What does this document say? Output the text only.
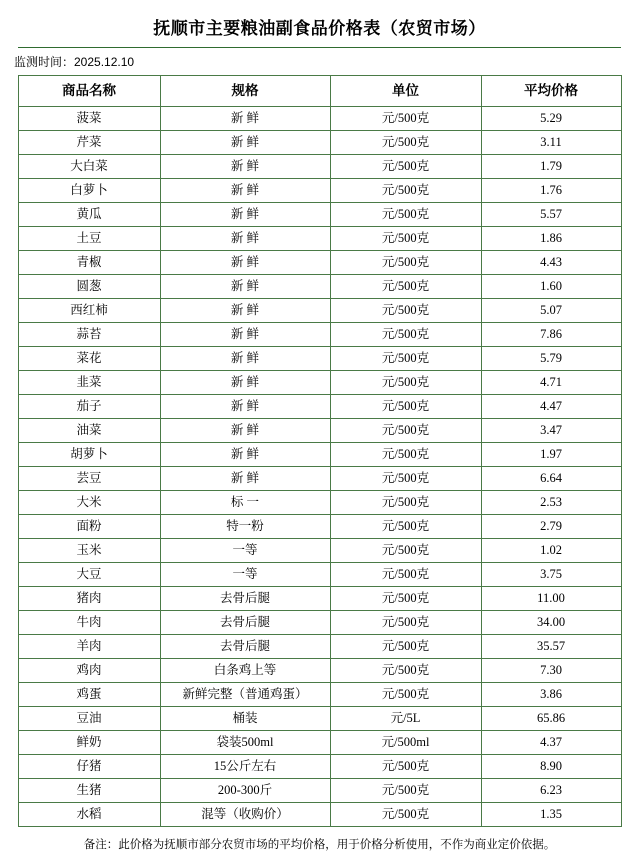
抚顺市主要粮油副食品价格表（农贸市场）
监测时间：2025.12.10
商品名称	规格	单位	平均价格
菠菜	新 鲜	元/500克	5.29
芹菜	新 鲜	元/500克	3.11
大白菜	新 鲜	元/500克	1.79
白萝卜	新 鲜	元/500克	1.76
黄瓜	新 鲜	元/500克	5.57
土豆	新 鲜	元/500克	1.86
青椒	新 鲜	元/500克	4.43
圆葱	新 鲜	元/500克	1.60
西红柿	新 鲜	元/500克	5.07
蒜苔	新 鲜	元/500克	7.86
菜花	新 鲜	元/500克	5.79
韭菜	新 鲜	元/500克	4.71
茄子	新 鲜	元/500克	4.47
油菜	新 鲜	元/500克	3.47
胡萝卜	新 鲜	元/500克	1.97
芸豆	新 鲜	元/500克	6.64
大米	标 一	元/500克	2.53
面粉	特一粉	元/500克	2.79
玉米	一等	元/500克	1.02
大豆	一等	元/500克	3.75
猪肉	去骨后腿	元/500克	11.00
牛肉	去骨后腿	元/500克	34.00
羊肉	去骨后腿	元/500克	35.57
鸡肉	白条鸡上等	元/500克	7.30
鸡蛋	新鲜完整（普通鸡蛋）	元/500克	3.86
豆油	桶装	元/5L	65.86
鲜奶	袋装500ml	元/500ml	4.37
仔猪	15公斤左右	元/500克	8.90
生猪	200-300斤	元/500克	6.23
水稻	混等（收购价）	元/500克	1.35
备注：此价格为抚顺市部分农贸市场的平均价格，用于价格分析使用，不作为商业定价依据。
